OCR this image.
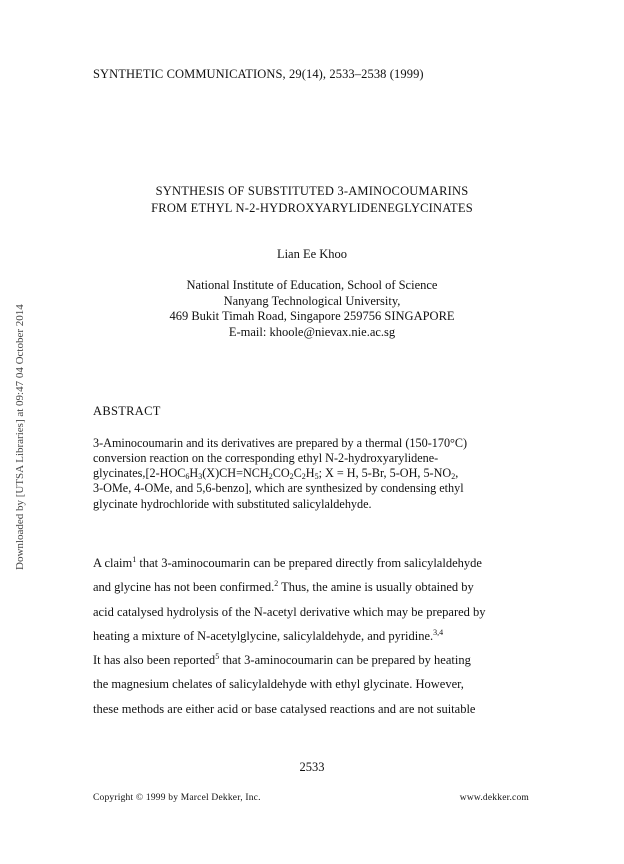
Downloaded by [UTSA Libraries] at 09:47 04 October 2014
SYNTHETIC COMMUNICATIONS, 29(14), 2533–2538 (1999)
SYNTHESIS OF SUBSTITUTED 3-AMINOCOUMARINS
FROM ETHYL N-2-HYDROXYARYLIDENEGLYCINATES
Lian Ee Khoo
National Institute of Education, School of Science
Nanyang Technological University,
469 Bukit Timah Road, Singapore 259756 SINGAPORE
E-mail: khoole@nievax.nie.ac.sg
ABSTRACT
3-Aminocoumarin and its derivatives are prepared by a thermal (150-170°C)
conversion reaction on the corresponding ethyl N-2-hydroxyarylidene-
$glycinates,[2-HOC_6H_3(X)CH=NCH_2CO_2C_2H_5$; X = H, 5-Br, 5-OH, $5-NO_2$,
3-OMe, 4-OMe, and 5,6-benzo], which are synthesized by condensing ethyl
glycinate hydrochloride with substituted salicylaldehyde.
A claim$^1$ that 3-aminocoumarin can be prepared directly from salicylaldehyde
and glycine has not been confirmed.$^2$ Thus, the amine is usually obtained by
acid catalysed hydrolysis of the N-acetyl derivative which may be prepared by
heating a mixture of N-acetylglycine, salicylaldehyde, and pyridine.$^{3,4}$
It has also been reported$^5$ that 3-aminocoumarin can be prepared by heating
the magnesium chelates of salicylaldehyde with ethyl glycinate. However,
these methods are either acid or base catalysed reactions and are not suitable
2533
Copyright © 1999 by Marcel Dekker, Inc.	www.dekker.com
